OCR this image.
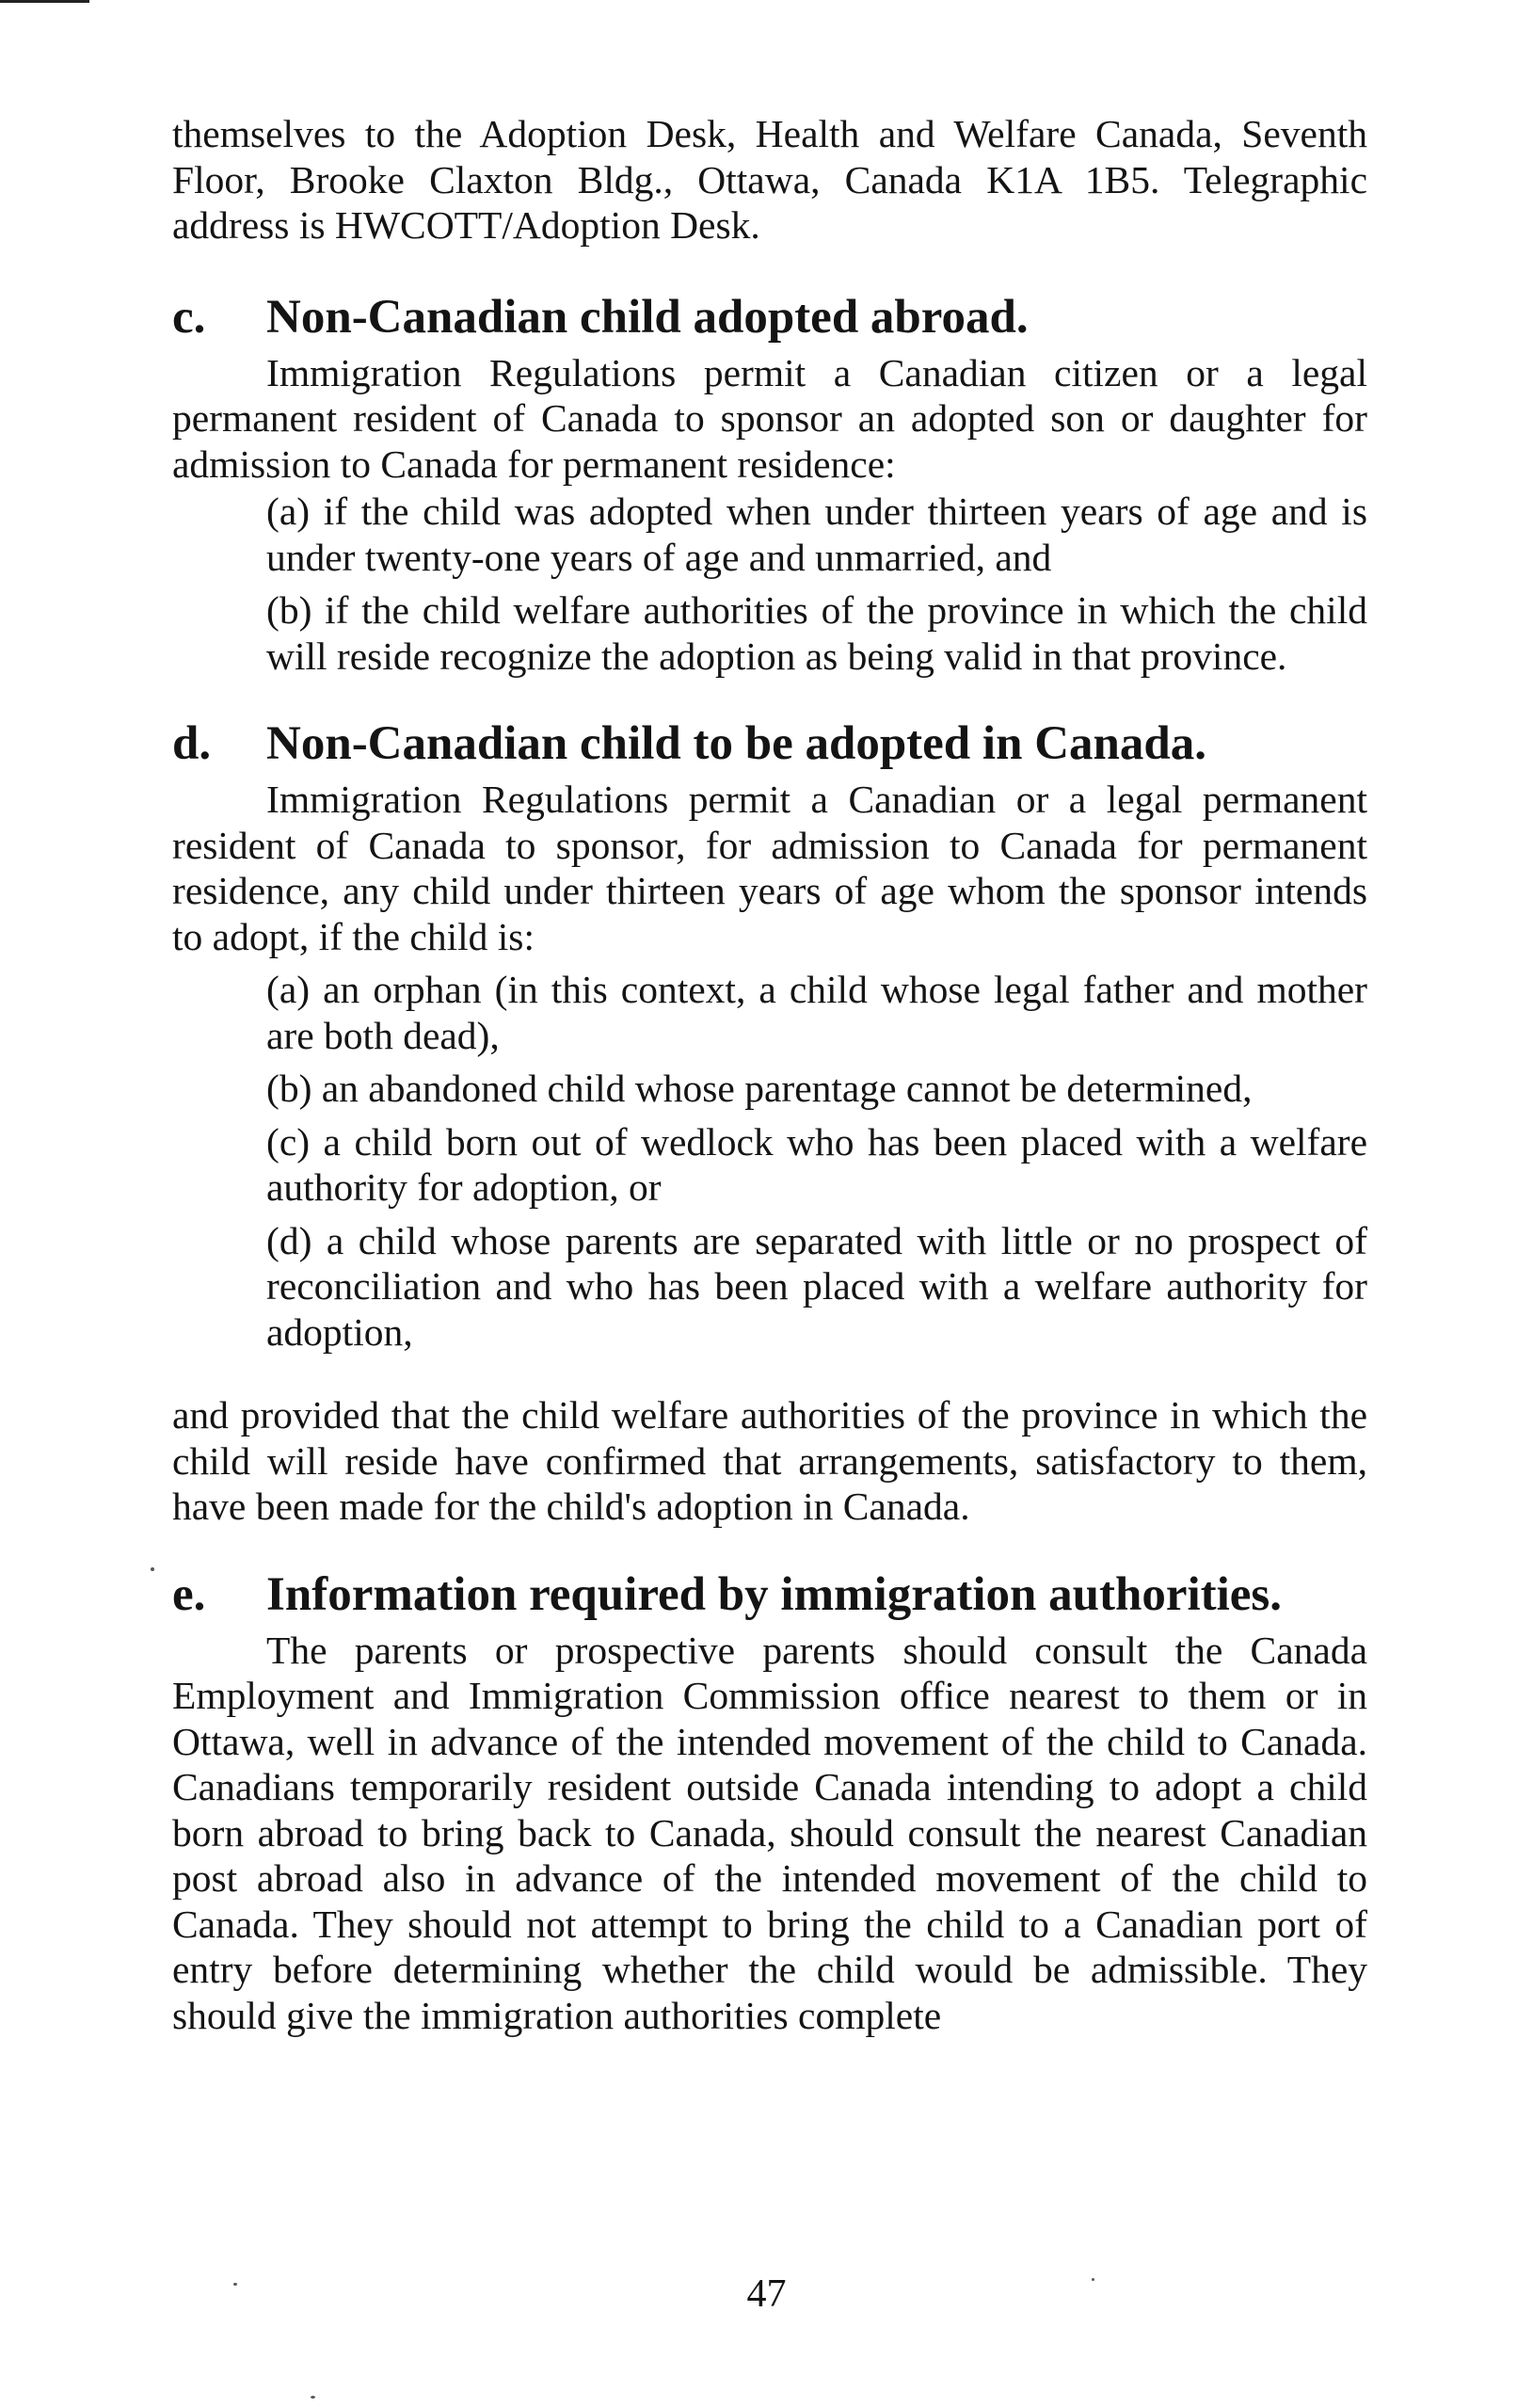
themselves to the Adoption Desk, Health and Welfare Canada, Seventh Floor, Brooke Claxton Bldg., Ottawa, Canada K1A 1B5. Telegraphic address is HWCOTT/Adoption Desk.

c.	Non-Canadian child adopted abroad.

Immigration Regulations permit a Canadian citizen or a legal permanent resident of Canada to sponsor an adopted son or daughter for admission to Canada for permanent residence:

(a) if the child was adopted when under thirteen years of age and is under twenty-one years of age and unmarried, and
(b) if the child welfare authorities of the province in which the child will reside recognize the adoption as being valid in that province.
d.	Non-Canadian child to be adopted in Canada.

Immigration Regulations permit a Canadian or a legal permanent resident of Canada to sponsor, for admission to Canada for permanent residence, any child under thirteen years of age whom the sponsor intends to adopt, if the child is:

(a) an orphan (in this context, a child whose legal father and mother are both dead),
(b) an abandoned child whose parentage cannot be determined,
(c) a child born out of wedlock who has been placed with a welfare authority for adoption, or
(d) a child whose parents are separated with little or no prospect of reconciliation and who has been placed with a welfare authority for adoption,

and provided that the child welfare authorities of the province in which the child will reside have confirmed that arrangements, satisfactory to them, have been made for the child's adoption in Canada.

e.	Information required by immigration authorities.

The parents or prospective parents should consult the Canada Employment and Immigration Commission office nearest to them or in Ottawa, well in advance of the intended movement of the child to Canada. Canadians temporarily resident outside Canada intending to adopt a child born abroad to bring back to Canada, should consult the nearest Canadian post abroad also in advance of the intended movement of the child to Canada. They should not attempt to bring the child to a Canadian port of entry before determining whether the child would be admissible. They should give the immigration authorities complete

47
